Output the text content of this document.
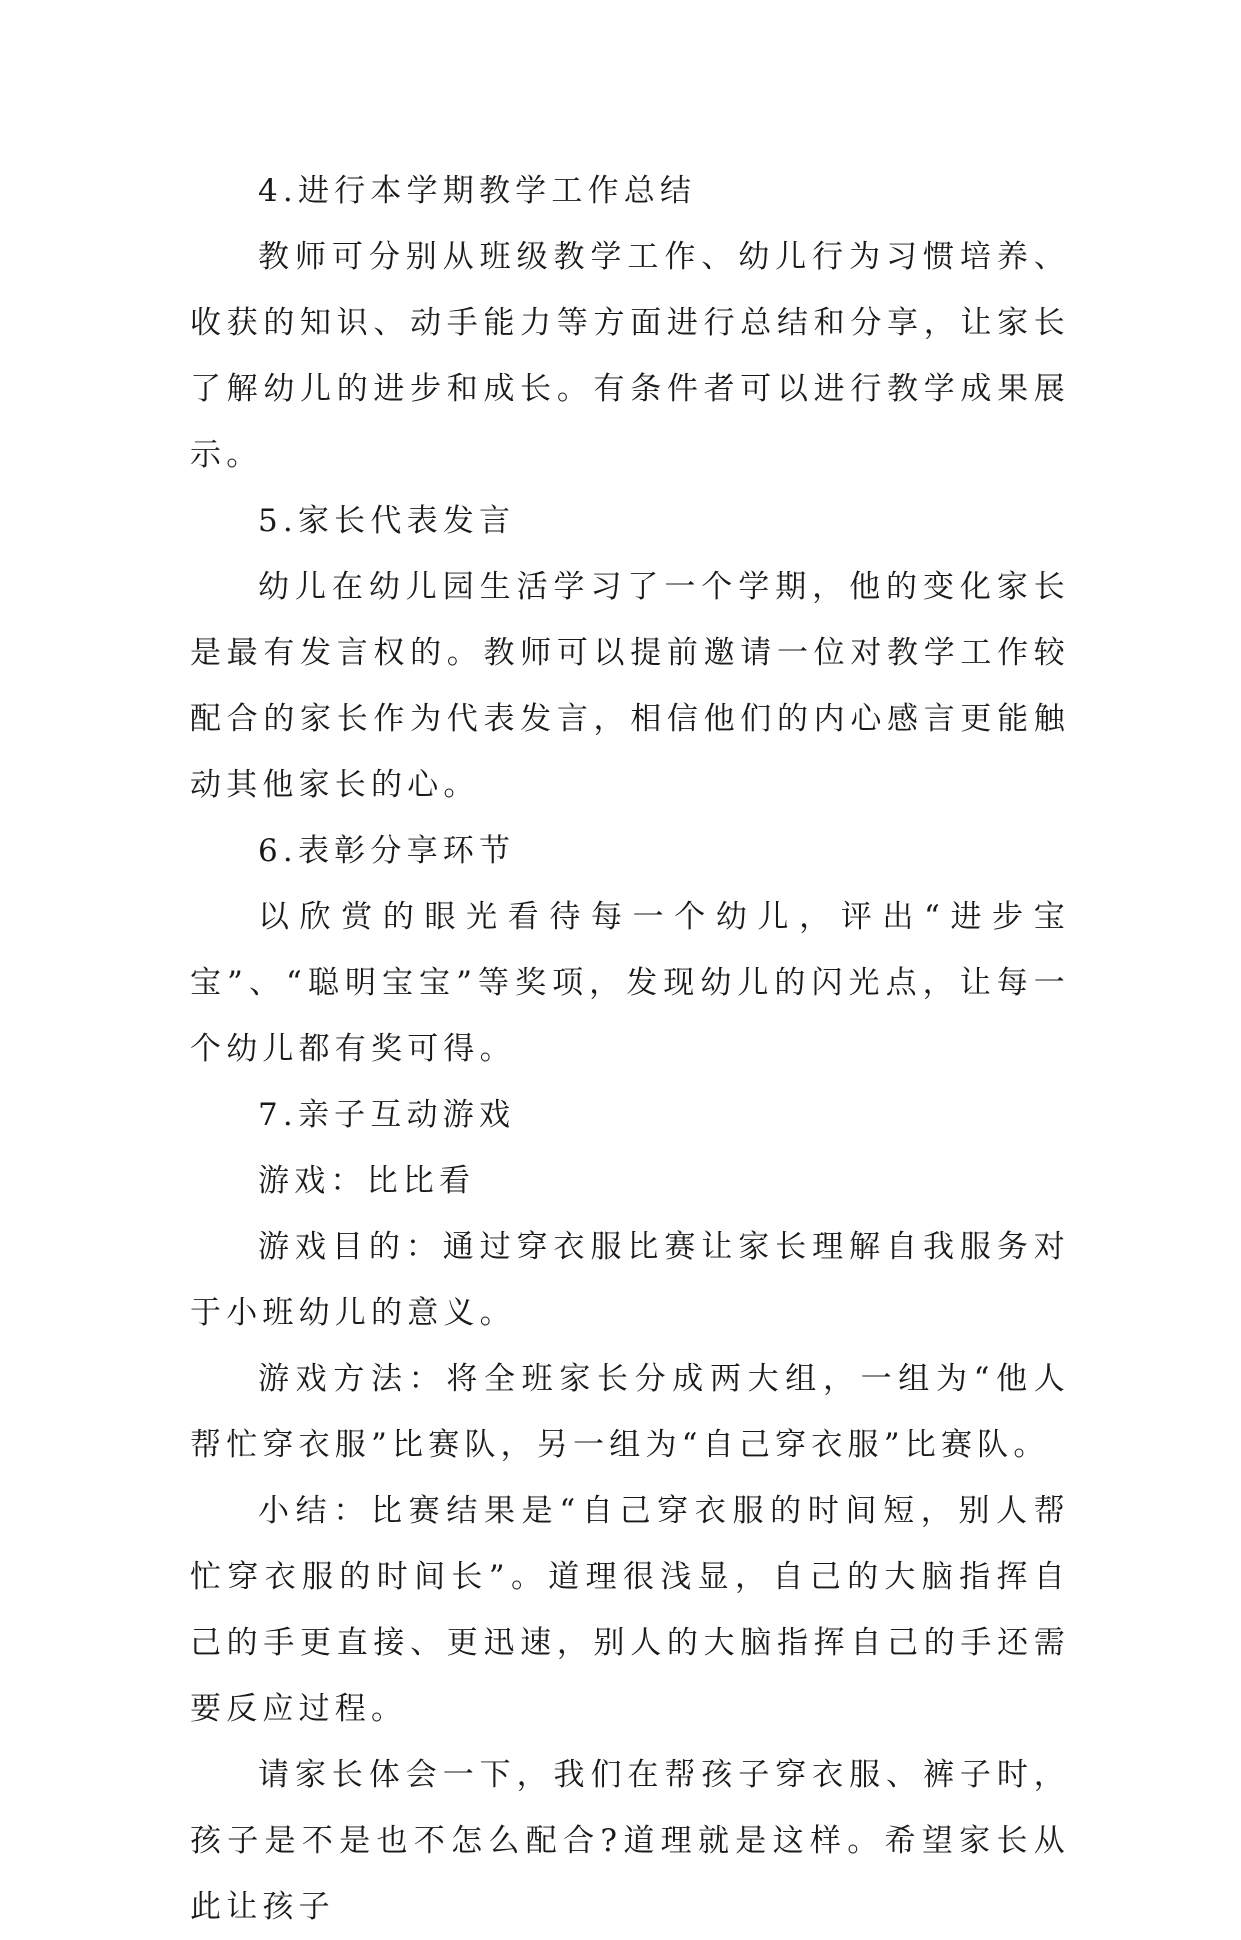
4.进行本学期教学工作总结

教师可分别从班级教学工作、幼儿行为习惯培养、收获的知识、动手能力等方面进行总结和分享，让家长了解幼儿的进步和成长。有条件者可以进行教学成果展示。

5.家长代表发言

幼儿在幼儿园生活学习了一个学期，他的变化家长是最有发言权的。教师可以提前邀请一位对教学工作较配合的家长作为代表发言，相信他们的内心感言更能触动其他家长的心。

6.表彰分享环节

以欣赏的眼光看待每一个幼儿，评出“进步宝宝”、“聪明宝宝”等奖项，发现幼儿的闪光点，让每一个幼儿都有奖可得。

7.亲子互动游戏

游戏：比比看

游戏目的：通过穿衣服比赛让家长理解自我服务对于小班幼儿的意义。

游戏方法：将全班家长分成两大组，一组为“他人帮忙穿衣服”比赛队，另一组为“自己穿衣服”比赛队。

小结：比赛结果是“自己穿衣服的时间短，别人帮忙穿衣服的时间长”。道理很浅显，自己的大脑指挥自己的手更直接、更迅速，别人的大脑指挥自己的手还需要反应过程。

请家长体会一下，我们在帮孩子穿衣服、裤子时，孩子是不是也不怎么配合?道理就是这样。希望家长从此让孩子
